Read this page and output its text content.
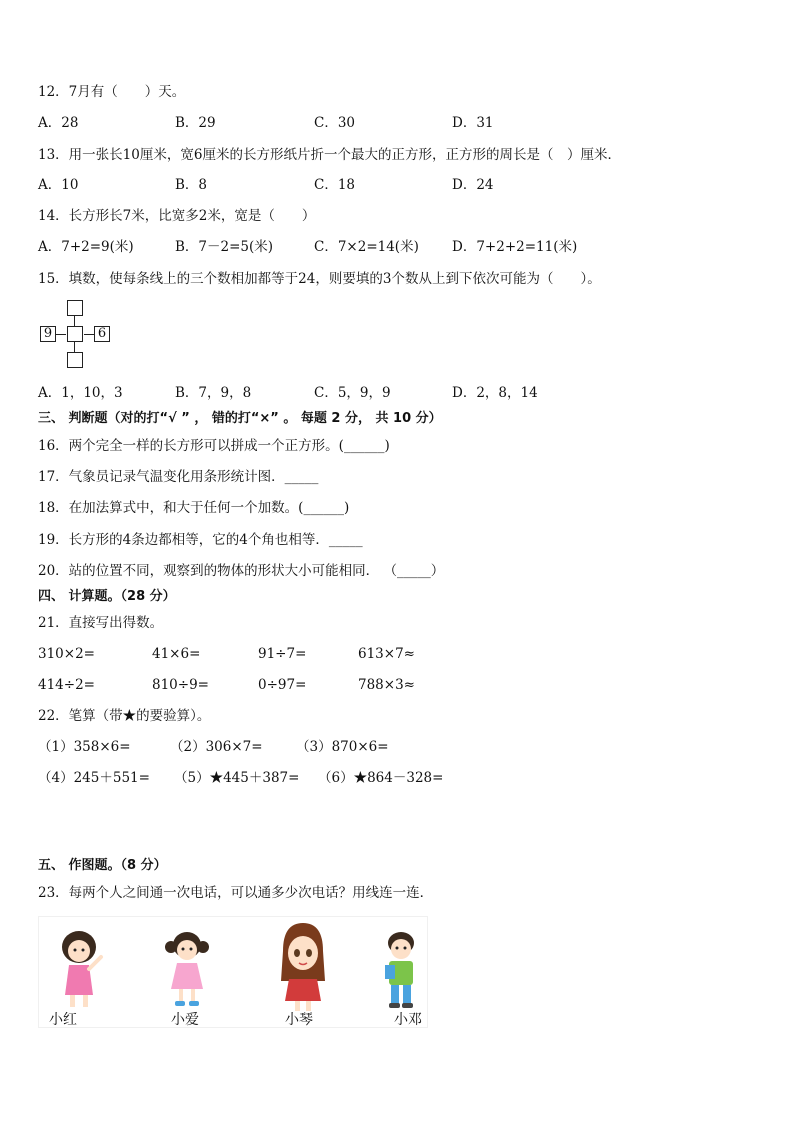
12．7月有（　　）天。
A．28	B．29	C．30	D．31
13．用一张长10厘米，宽6厘米的长方形纸片折一个最大的正方形，正方形的周长是（　）厘米．
A．10	B．8	C．18	D．24
14．长方形长7米，比宽多2米，宽是（　　）
A．7+2=9(米)	B．7－2=5(米)	C．7×2=14(米) D．7+2+2=11(米)
15．填数，使每条线上的三个数相加都等于24，则要填的3个数从上到下依次可能为（　　）。
9	6
A．1，10，3	B．7，9，8	C．5，9，9	D．2，8，14
三、 判断题（对的打“√ ” ， 错的打“×” 。 每题 2 分， 共 10 分）
16．两个完全一样的长方形可以拼成一个正方形。(______)
17．气象员记录气温变化用条形统计图．_____
18．在加法算式中，和大于任何一个加数。(______)
19．长方形的4条边都相等，它的4个角也相等．_____
20．站的位置不同，观察到的物体的形状大小可能相同． （_____）
四、 计算题。（28 分）
21．直接写出得数。
310×2=	41×6=	91÷7=	613×7≈
414÷2=	810÷9=	0÷97=	788×3≈
22．笔算（带★的要验算）。
（1）358×6=	（2）306×7= （3）870×6=
（4）245＋551= （5）★445＋387= （6）★864－328=
五、 作图题。（8 分）
23．每两个人之间通一次电话，可以通多少次电话？用线连一连．
小红	小爱	小琴	小邓
